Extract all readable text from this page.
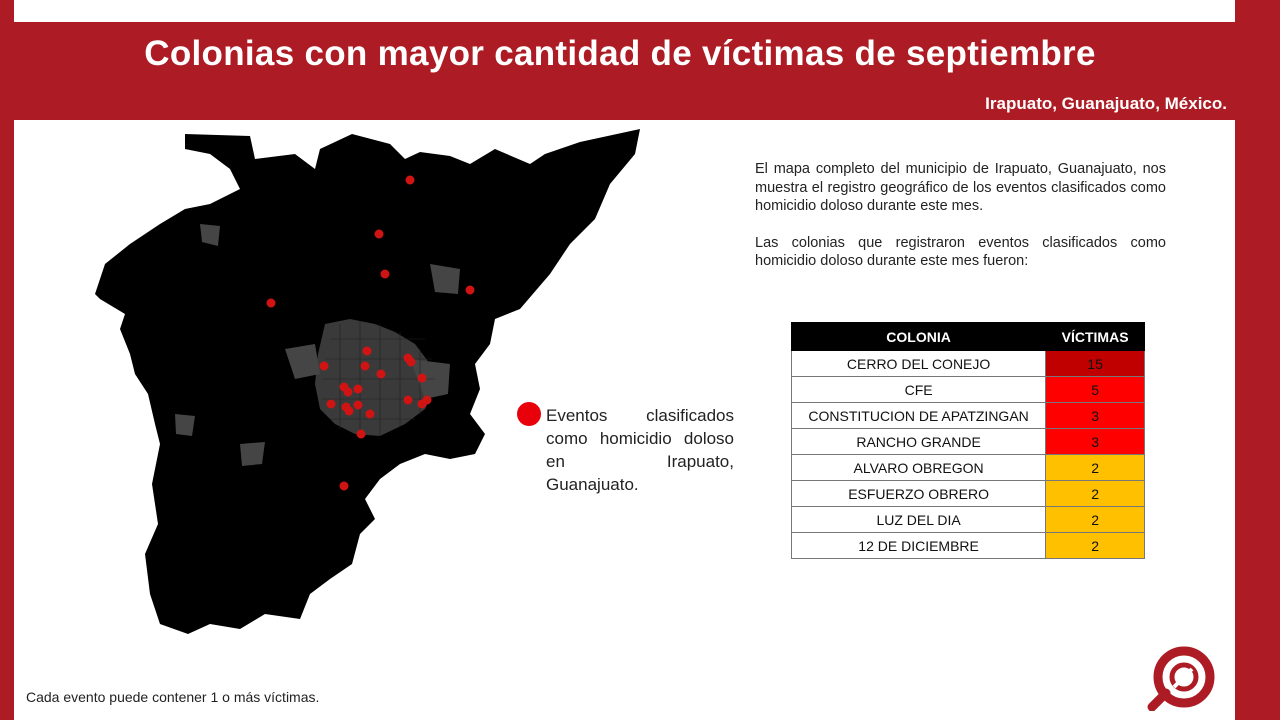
Colonias con mayor cantidad de víctimas de septiembre
Irapuato, Guanajuato, México.
Eventos clasificados como homicidio doloso en Irapuato, Guanajuato.

El mapa completo del municipio de Irapuato, Guanajuato, nos muestra el registro geográfico de los eventos clasificados como homicidio doloso durante este mes.

Las colonias que registraron eventos clasificados como homicidio doloso durante este mes fueron:

COLONIA	VÍCTIMAS
CERRO DEL CONEJO	15
CFE	5
CONSTITUCION DE APATZINGAN	3
RANCHO GRANDE	3
ALVARO OBREGON	2
ESFUERZO OBRERO	2
LUZ DEL DIA	2
12 DE DICIEMBRE	2
Cada evento puede contener 1 o más víctimas.
